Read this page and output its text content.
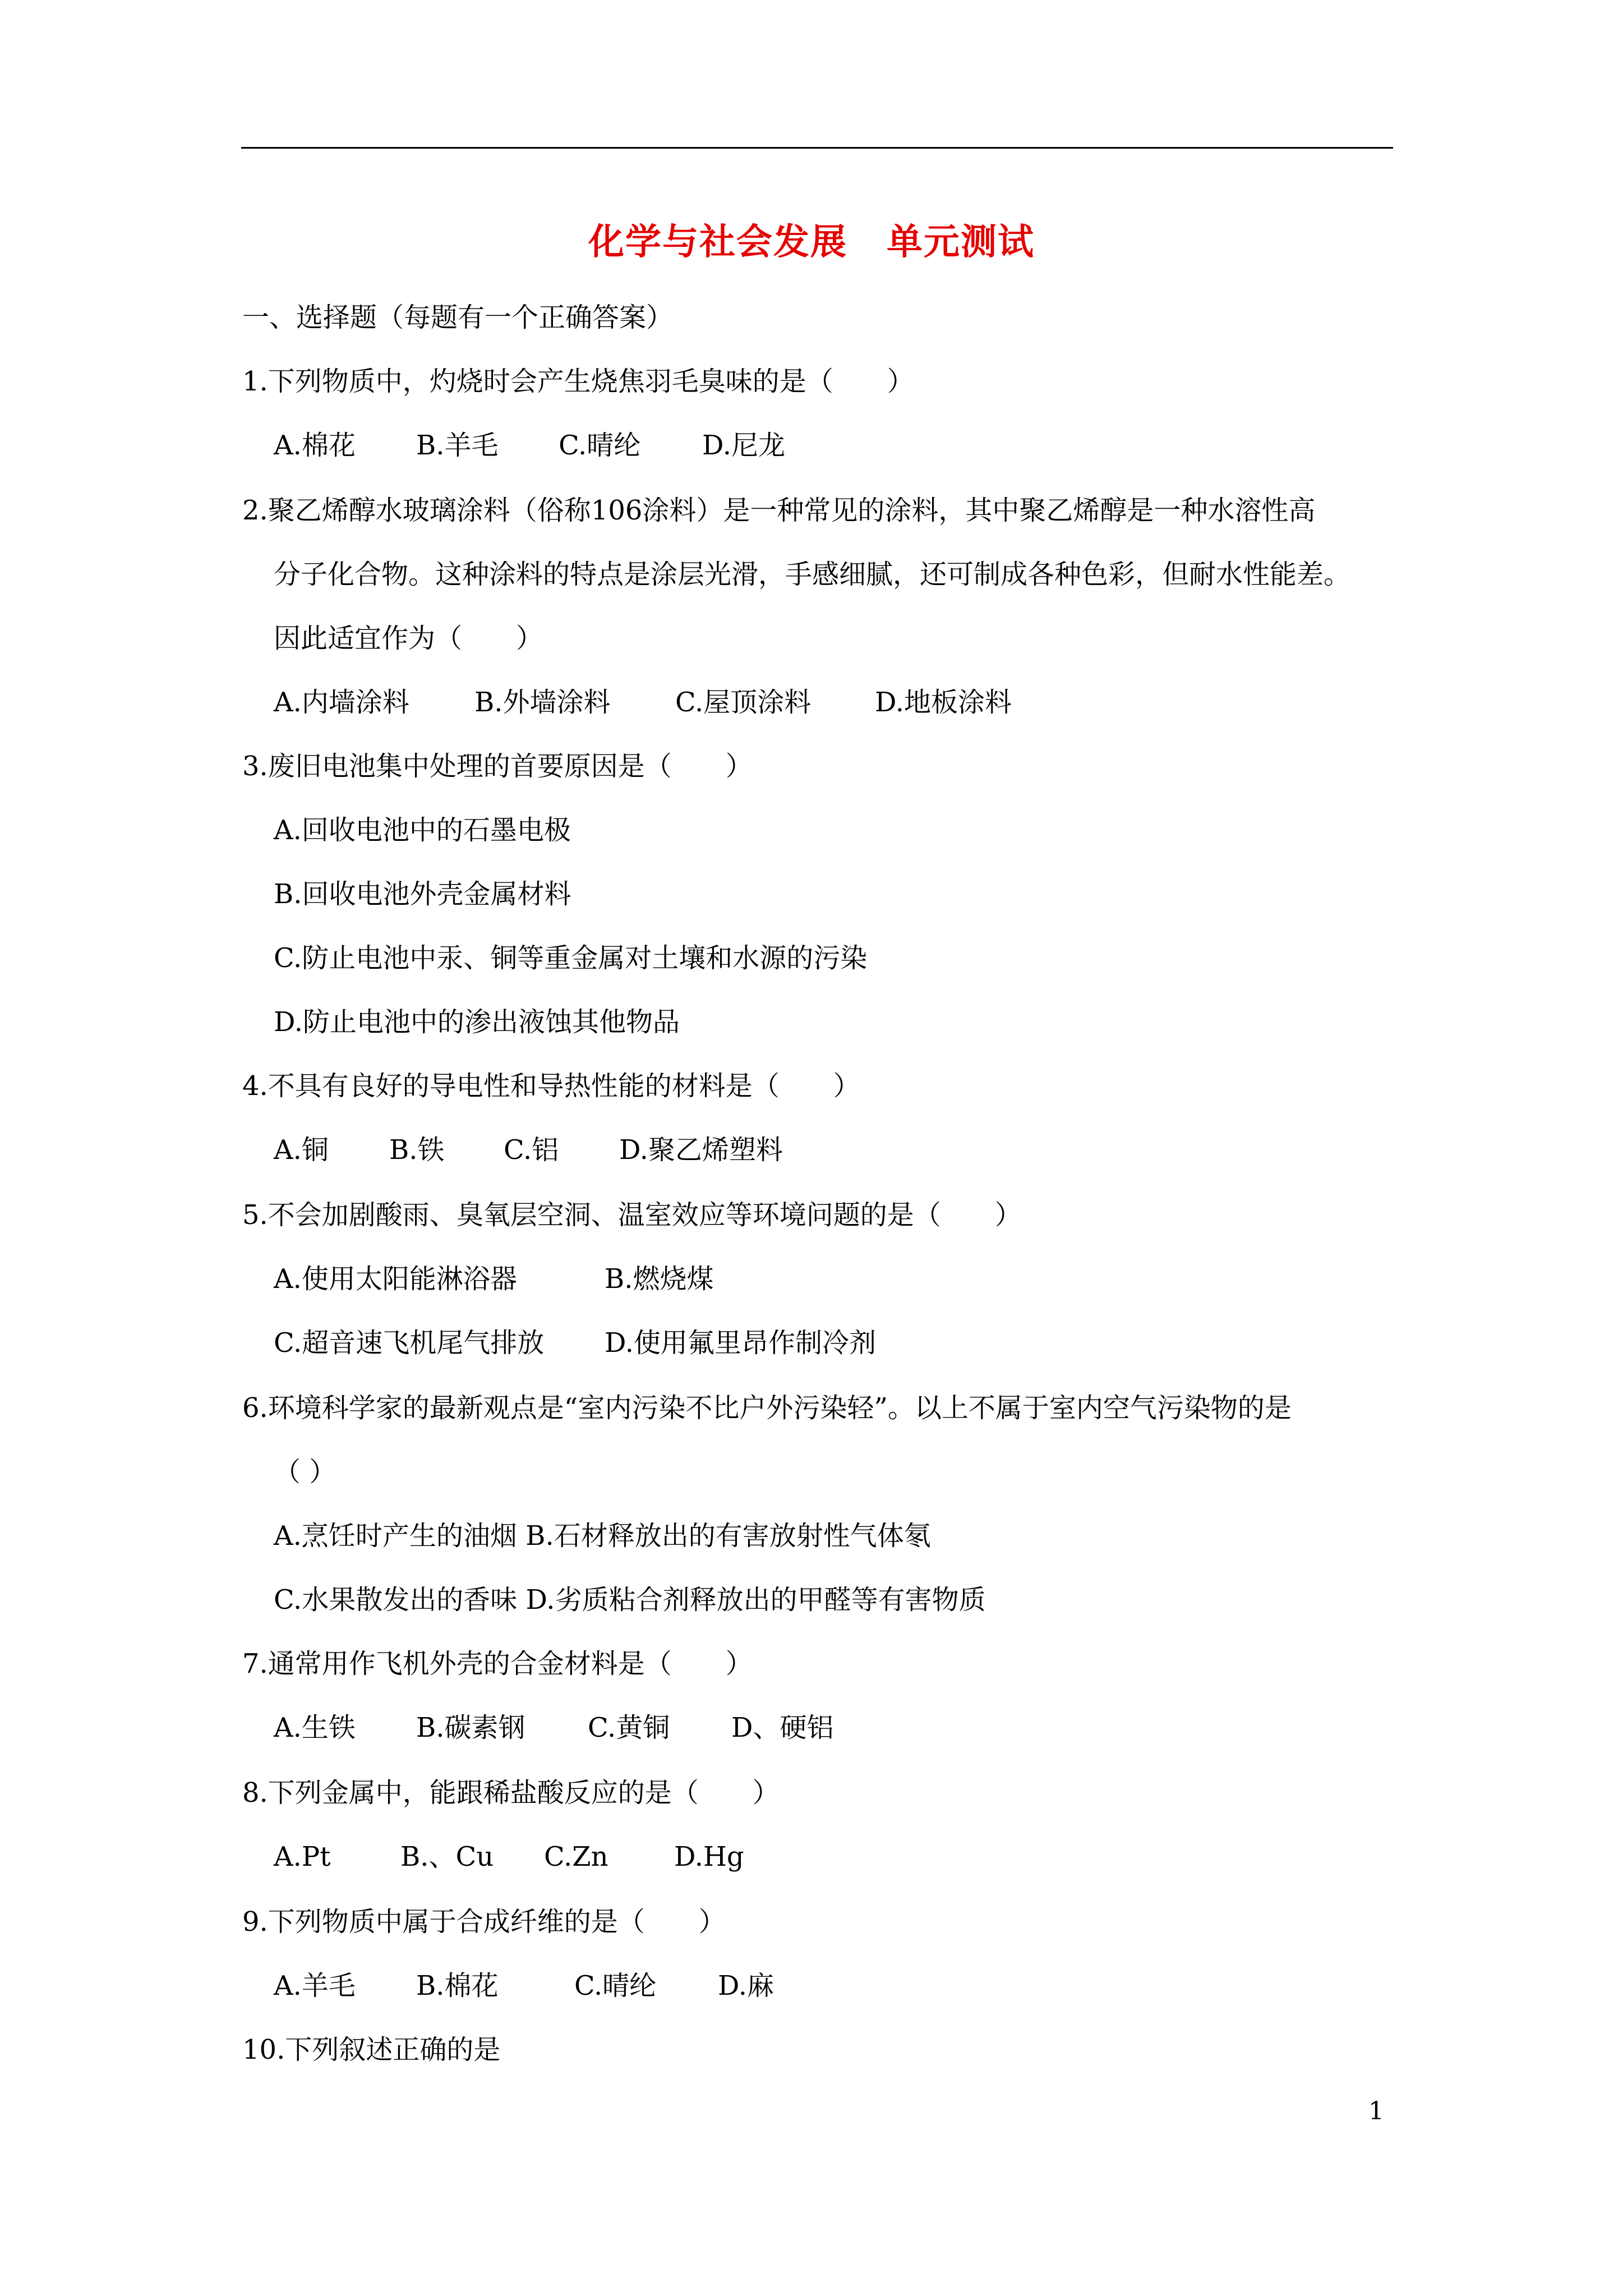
化学与社会发展 单元测试
一、选择题（每题有一个正确答案）
1.下列物质中，灼烧时会产生烧焦羽毛臭味的是（　　）
A.棉花 B.羊毛 C.晴纶 D.尼龙
2.聚乙烯醇水玻璃涂料（俗称106涂料）是一种常见的涂料，其中聚乙烯醇是一种水溶性高
分子化合物。这种涂料的特点是涂层光滑，手感细腻，还可制成各种色彩，但耐水性能差。
因此适宜作为（　　）
A.内墙涂料 B.外墙涂料 C.屋顶涂料 D.地板涂料
3.废旧电池集中处理的首要原因是（　　）
A.回收电池中的石墨电极
B.回收电池外壳金属材料
C.防止电池中汞、铜等重金属对土壤和水源的污染
D.防止电池中的渗出液蚀其他物品
4.不具有良好的导电性和导热性能的材料是（　　）
A.铜 B.铁 C.铝 D.聚乙烯塑料
5.不会加剧酸雨、臭氧层空洞、温室效应等环境问题的是（　　）
A.使用太阳能淋浴器	B.燃烧煤
C.超音速飞机尾气排放 D.使用氟里昂作制冷剂
6.环境科学家的最新观点是“室内污染不比户外污染轻”。以上不属于室内空气污染物的是
（ ）
A.烹饪时产生的油烟 B.石材释放出的有害放射性气体氡
C.水果散发出的香味 D.劣质粘合剂释放出的甲醛等有害物质
7.通常用作飞机外壳的合金材料是（　　）
A.生铁 B.碳素钢 C.黄铜 D、硬铝
8.下列金属中，能跟稀盐酸反应的是（　　）
A.Pt	B.、Cu C.Zn D.Hg
9.下列物质中属于合成纤维的是（　　）
A.羊毛 B.棉花	C.晴纶 D.麻
10.下列叙述正确的是
1
